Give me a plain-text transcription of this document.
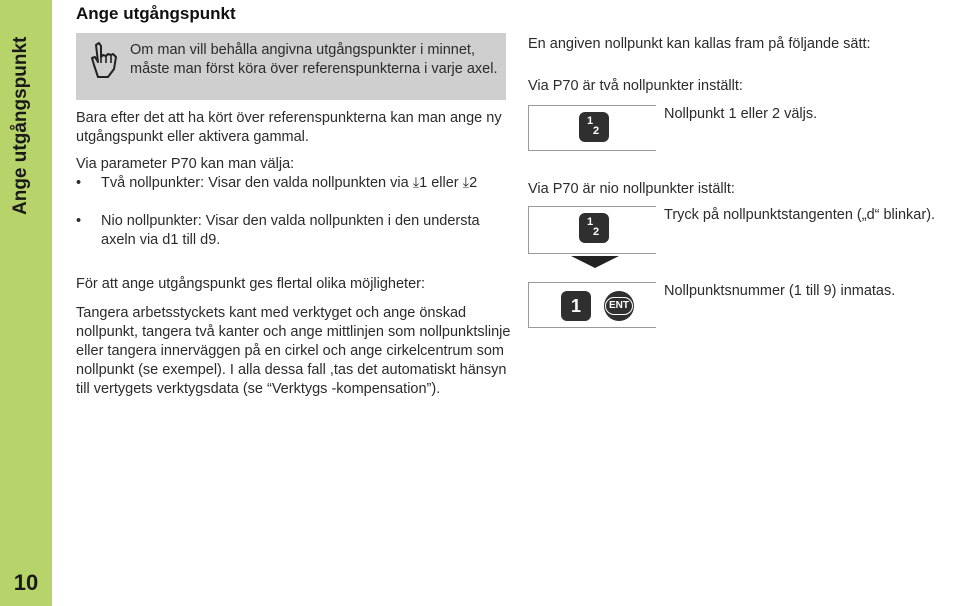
Ange utgångspunkt
10
Ange utgångspunkt
Om man vill behålla angivna utgångspunkter i minnet, måste man först köra över referenspunkterna i varje axel.
Bara efter det att ha kört över referenspunkterna kan man ange ny utgångspunkt eller aktivera gammal.
Via parameter P70 kan man välja:
• Två nollpunkter: Visar den valda nollpunkten via ⤓1 eller ⤓2
• Nio nollpunkter: Visar den valda nollpunkten i den understa axeln via d1 till d9.
För att ange utgångspunkt ges flertal olika möjligheter:
Tangera arbetsstyckets kant med verktyget och ange önskad nollpunkt, tangera två kanter och ange mittlinjen som nollpunktslinje eller tangera innerväggen på en cirkel och ange cirkelcentrum som nollpunkt (se exempel). I alla dessa fall ,tas det automatiskt hänsyn till vertygets verktygsdata (se “Verktygs -kompensation”).
En angiven nollpunkt kan kallas fram på följande sätt:
Via P70 är två nollpunkter inställt:
1
2
Nollpunkt 1 eller 2 väljs.
Via P70 är nio nollpunkter iställt:
1
2
Tryck på nollpunktstangenten („d“ blinkar).
1	ENT
Nollpunktsnummer (1 till 9) inmatas.
